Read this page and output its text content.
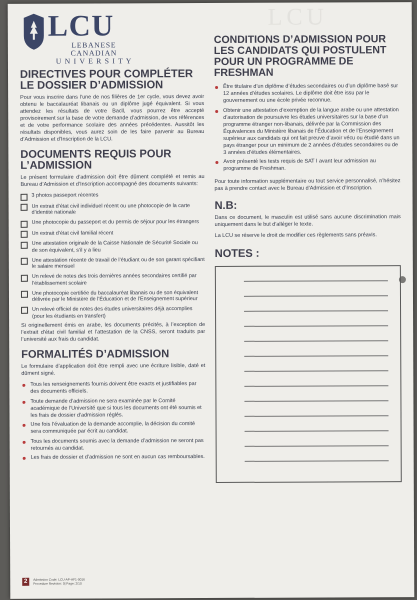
LCU
LCU
LEBANESE CANADIAN
U N I V E R S I T Y
DIRECTIVES POUR COMPLÉTER LE DOSSIER D’ADMISSION

Pour vous inscrire dans l’une de nos filières de 1er cycle, vous devez avoir obtenu le baccalauréat libanais ou un diplôme jugé équivalent. Si vous attendez les résultats de votre Bacll, vous pourrez être accepté provisoirement sur la base de votre demande d’admission, de vos références et de votre performance scolaire des années précédentes. Aussitôt les résultats disponibles, vous aurez soin de les faire parvenir au Bureau d’Admission et d’Inscription de la LCU.

DOCUMENTS REQUIS POUR L’ADMISSION

Le présent formulaire d’admission doit être dûment complété et remis au Bureau d’Admission et d’Inscription accompagné des documents suivants:

3 photos passeport récentes
Un extrait d’état civil individuel récent ou une photocopie de la carte d’identité nationale
Une photocopie du passeport et du permis de séjour pour les étrangers
Un extrait d’état civil familial récent
Une attestation originale de la Caisse Nationale de Sécurité Sociale ou de son équivalent, s’il y a lieu
Une attestation récente de travail de l’étudiant ou de son garant spécifiant le salaire mensuel
Un relevé de notes des trois dernières années secondaires certifié par l’établissement scolaire
Une photocopie certifiée du baccalauréat libanais ou de son équivalent délivrée par le Ministère de l’Éducation et de l’Enseignement supérieur
Un relevé officiel de notes des études universitaires déjà accomplies (pour les étudiants en transfert)

Si originellement émis en arabe, les documents précités, à l’exception de l’extrait d’état civil familial et l’attestation de la CNSS, seront traduits par l’université aux frais du candidat.

FORMALITÉS D’ADMISSION

Le formulaire d’application doit être rempli avec une écriture lisible, daté et dûment signé.

Tous les renseignements fournis doivent être exacts et justifiables par des documents officiels.
Toute demande d’admission ne sera examinée par le Comité académique de l’Université que si tous les documents ont été soumis et les frais de dossier d’admission réglés.
Une fois l’évaluation de la demande accomplie, la décision du comité sera communiquée par écrit au candidat.
Tous les documents soumis avec la demande d’admission ne seront pas retournés au candidat.
Les frais de dossier et d’admission ne sont en aucun cas remboursables.
2	Admission Code: LCU-AP-AF1-0016
Procedure Revision: 0| Page: 2/10
CONDITIONS D’ADMISSION POUR LES CANDIDATS QUI POSTULENT POUR UN PROGRAMME DE FRESHMAN
Être titulaire d’un diplôme d’études secondaires ou d’un diplôme basé sur 12 années d’études scolaires. Le diplôme doit être issu par le gouvernement ou une école privée reconnue.
Obtenir une attestation d’exemption de la langue arabe ou une attestation d’autorisation de poursuivre les études universitaires sur la base d’un programme étranger non-libanais, délivrée par la Commission des Équivalences du Ministère libanais de l’Éducation et de l’Enseignement supérieur aux candidats qui ont fait preuve d’avoir vécu ou étudié dans un pays étranger pour un minimum de 2 années d’études secondaires ou de 3 années d’études élémentaires.
Avoir présenté les tests requis de SAT I avant leur admission au programme de Freshman.

Pour toute information supplémentaire ou tout service personnalisé, n’hésitez pas à prendre contact avec le Bureau d’Admission et d’Inscription.

N.B:

Dans ce document, le masculin est utilisé sans aucune discrimination mais uniquement dans le but d’alléger le texte.

La LCU se réserve le droit de modifier ces règlements sans préavis.

NOTES :
